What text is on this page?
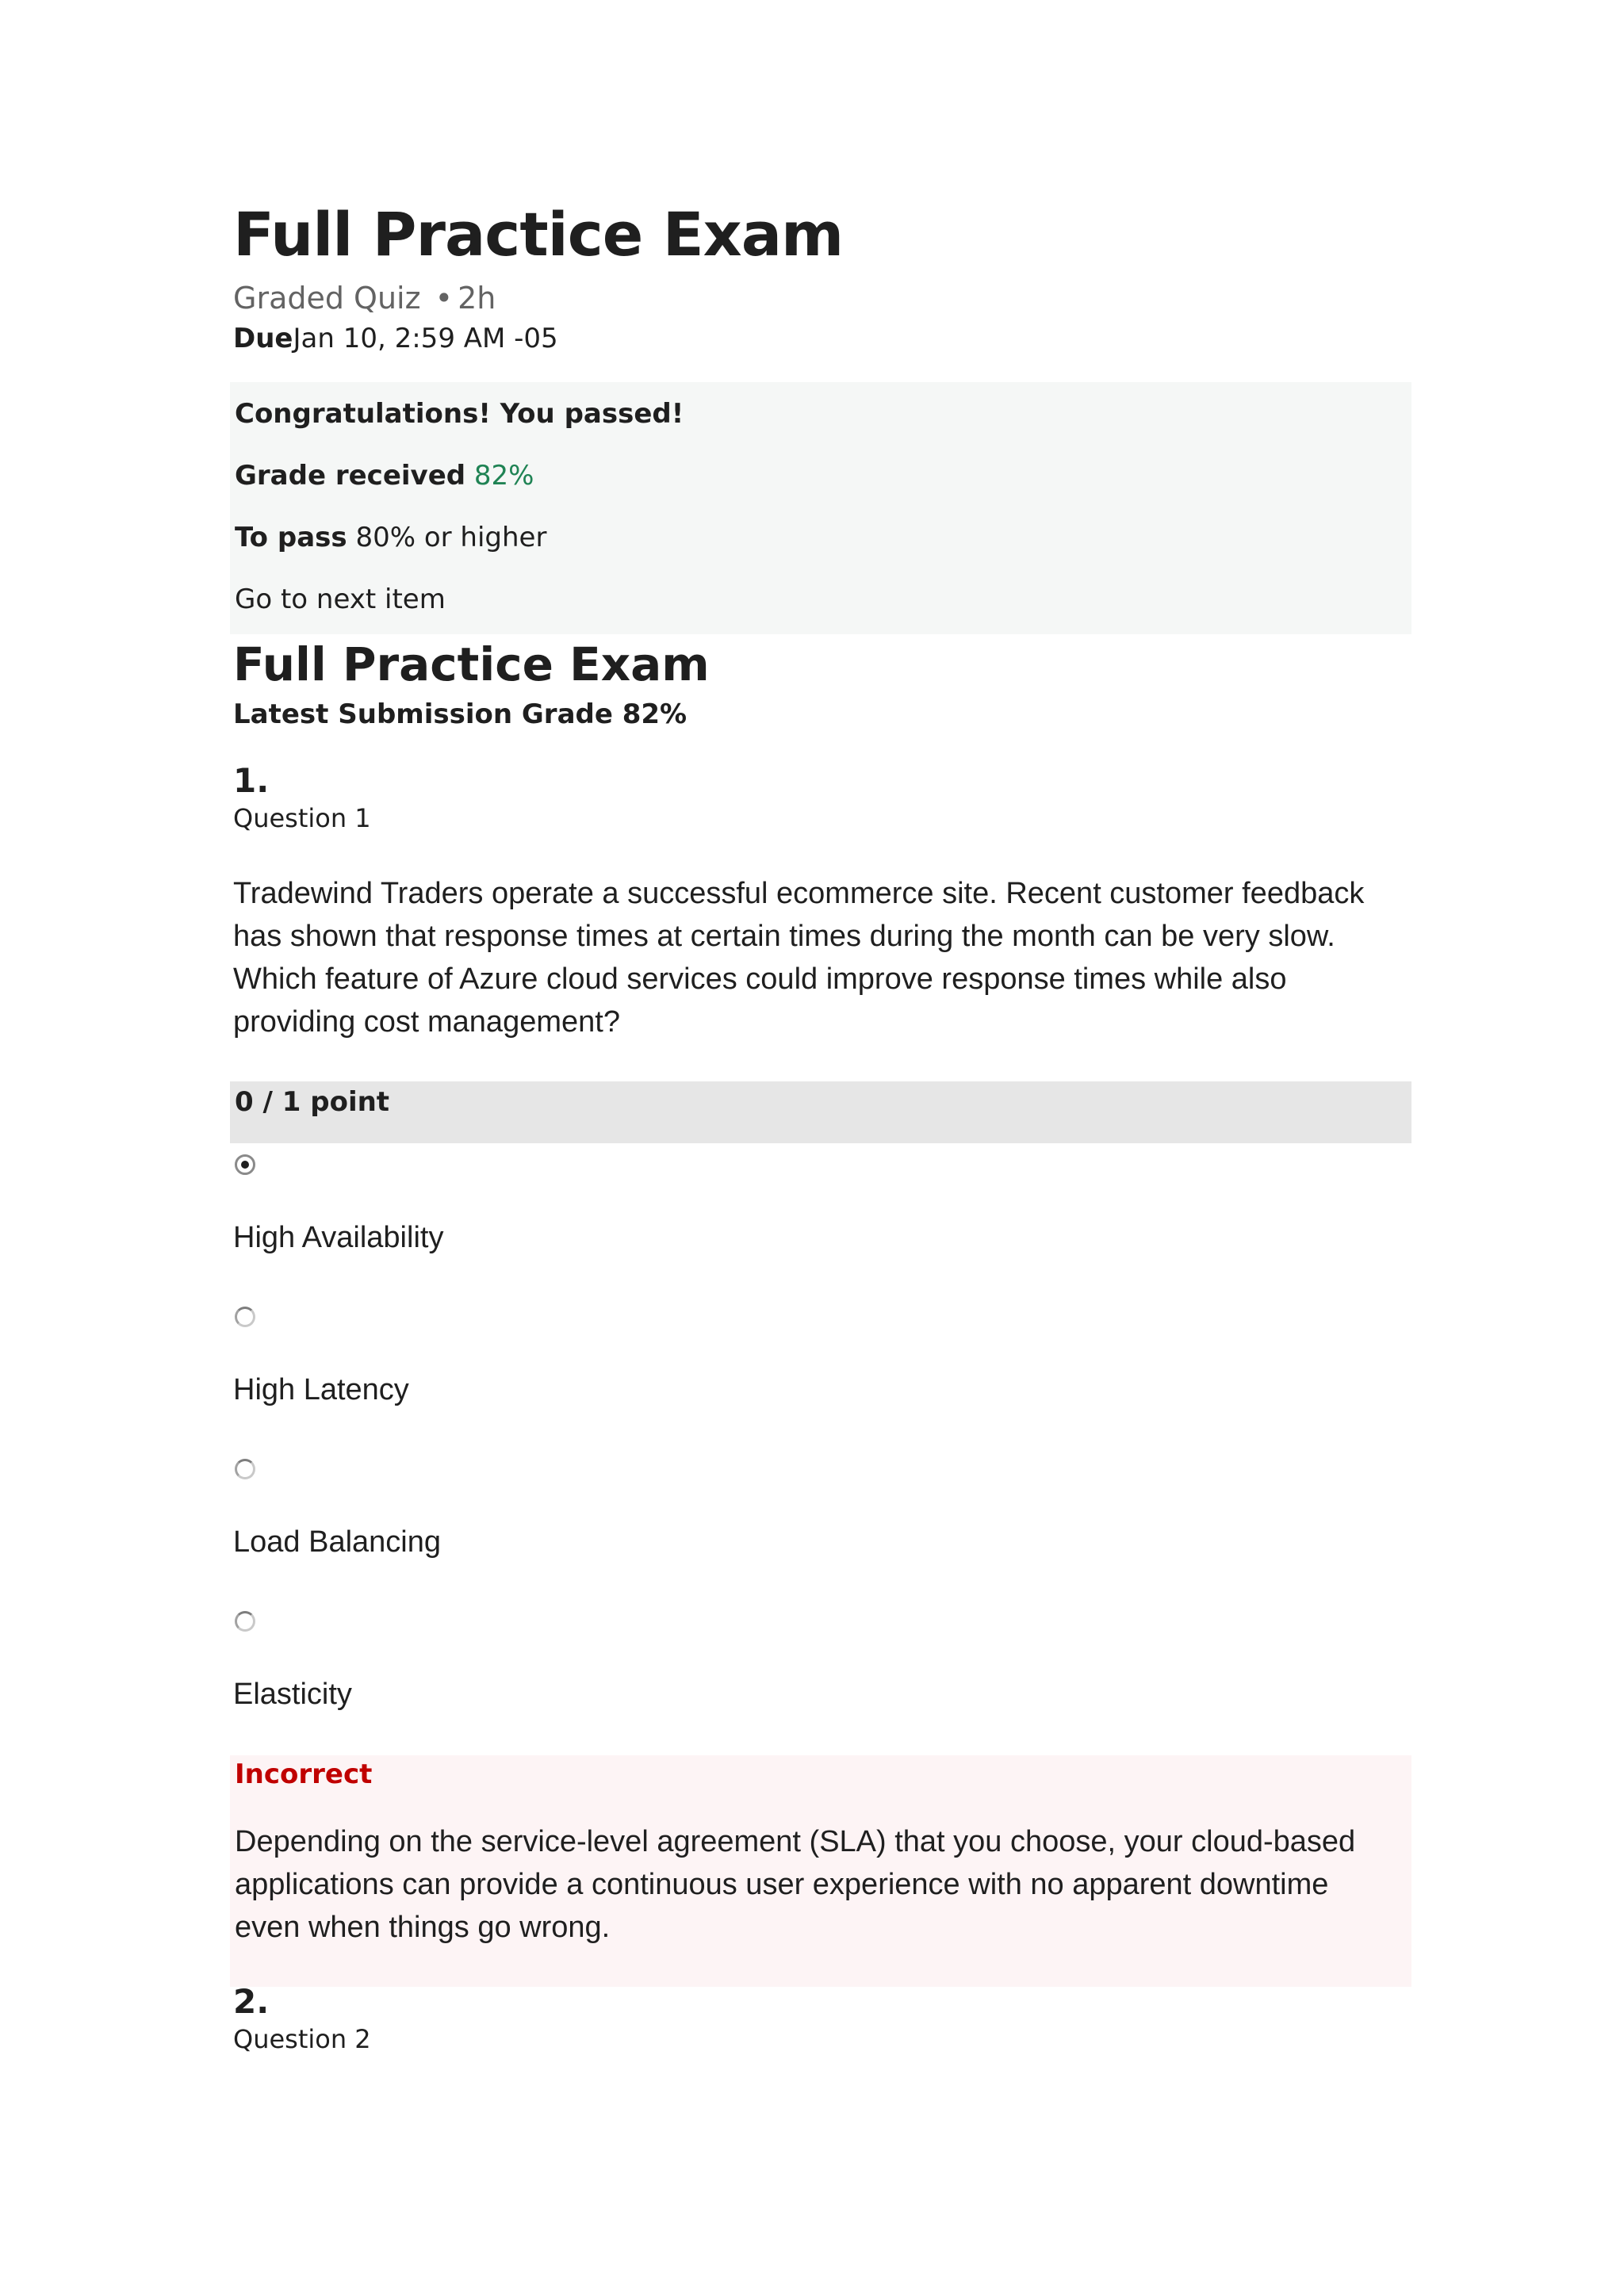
Full Practice Exam
Graded Quiz • 2h
DueJan 10, 2:59 AM -05
Congratulations! You passed!
Grade received 82%
To pass 80% or higher
Go to next item
Full Practice Exam
Latest Submission Grade 82%
1.
Question 1
Tradewind Traders operate a successful ecommerce site. Recent customer feedback has shown that response times at certain times during the month can be very slow. Which feature of Azure cloud services could improve response times while also providing cost management?
0 / 1 point
High Availability
High Latency
Load Balancing
Elasticity
Incorrect
Depending on the service-level agreement (SLA) that you choose, your cloud-based applications can provide a continuous user experience with no apparent downtime even when things go wrong.
2.
Question 2
